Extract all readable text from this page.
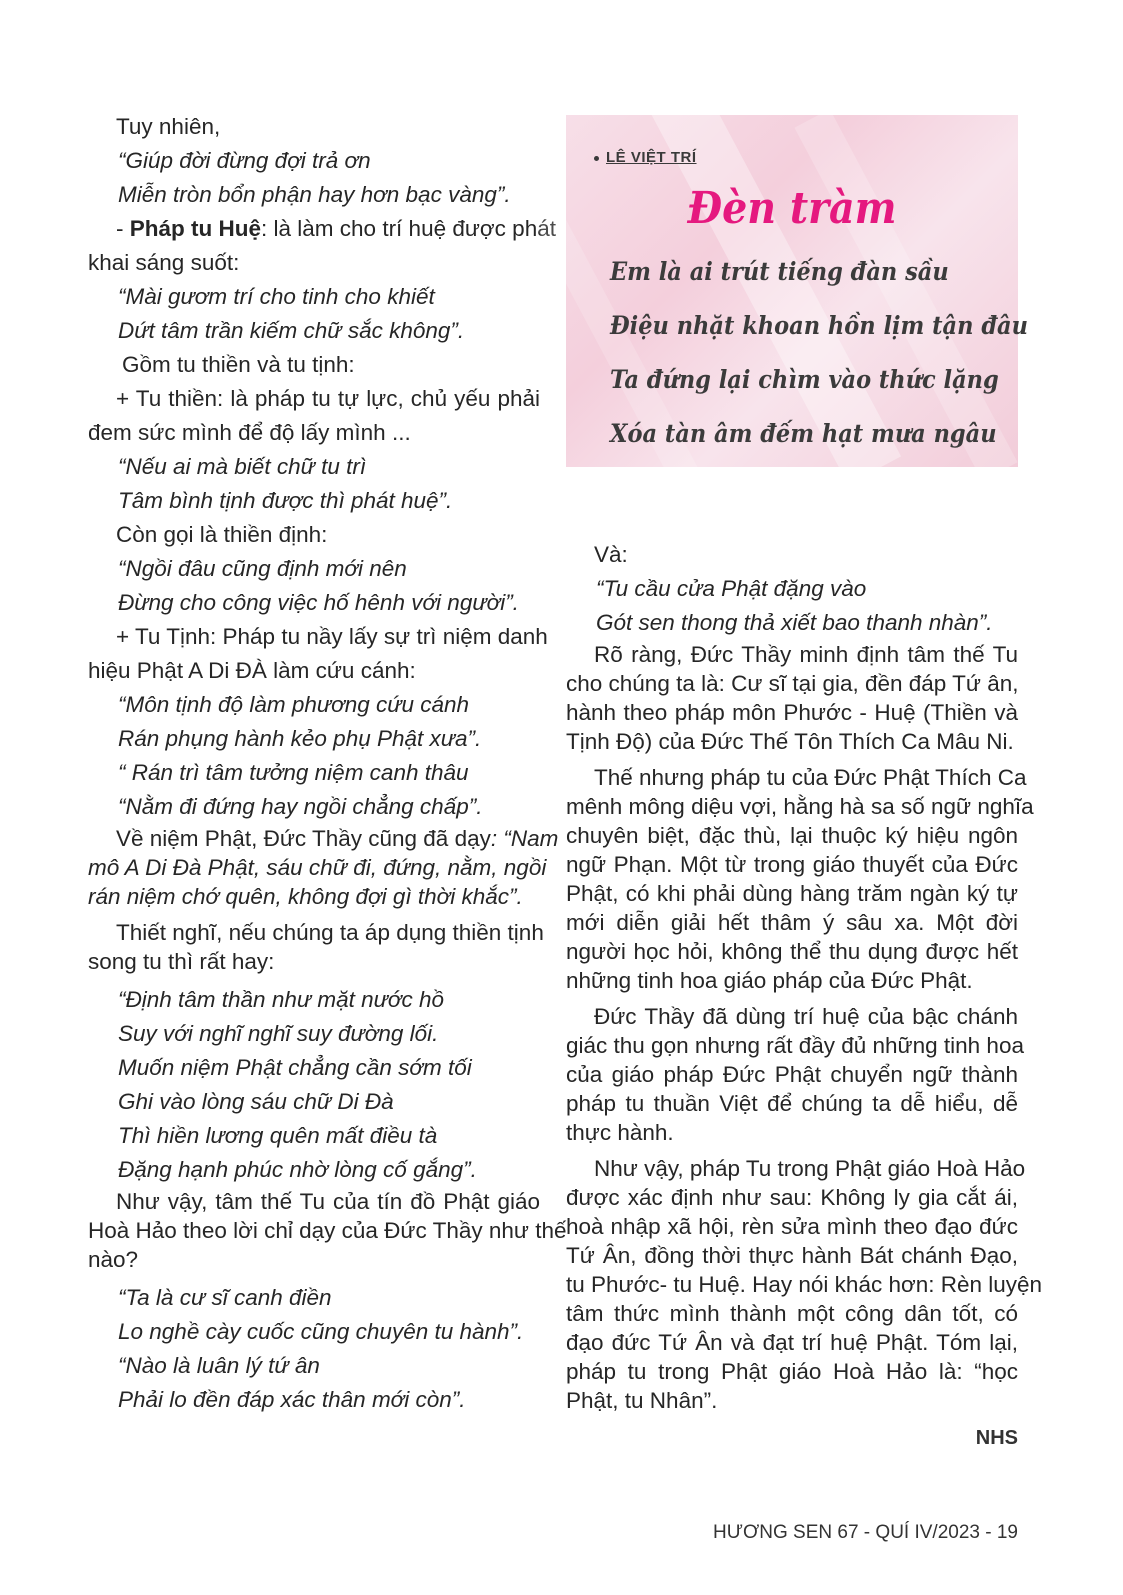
Tuy nhiên,
“Giúp đời đừng đợi trả ơn
Miễn tròn bổn phận hay hơn bạc vàng”.
- Pháp tu Huệ: là làm cho trí huệ được phát
khai sáng suốt:
“Mài gươm trí cho tinh cho khiết
Dứt tâm trần kiếm chữ sắc không”.
Gồm tu thiền và tu tịnh:
+ Tu thiền: là pháp tu tự lực, chủ yếu phải
đem sức mình để độ lấy mình ...
“Nếu ai mà biết chữ tu trì
Tâm bình tịnh được thì phát huệ”.
Còn gọi là thiền định:
“Ngồi đâu cũng định mới nên
Đừng cho công việc hố hênh với người”.
+ Tu Tịnh: Pháp tu nầy lấy sự trì niệm danh
hiệu Phật A Di ĐÀ làm cứu cánh:
“Môn tịnh độ làm phương cứu cánh
Rán phụng hành kẻo phụ Phật xưa”.
“ Rán trì tâm tưởng niệm canh thâu
“Nằm đi đứng hay ngồi chẳng chấp”.
Về niệm Phật, Đức Thầy cũng đã dạy: “Nam
mô A Di Đà Phật, sáu chữ đi, đứng, nằm, ngồi
rán niệm chớ quên, không đợi gì thời khắc”.
Thiết nghĩ, nếu chúng ta áp dụng thiền tịnh
song tu thì rất hay:
“Định tâm thần như mặt nước hồ
Suy với nghĩ nghĩ suy đường lối.
Muốn niệm Phật chẳng cần sớm tối
Ghi vào lòng sáu chữ Di Đà
Thì hiền lương quên mất điều tà
Đặng hạnh phúc nhờ lòng cố gắng”.
Như vậy, tâm thế Tu của tín đồ Phật giáo
Hoà Hảo theo lời chỉ dạy của Đức Thầy như thế
nào?
“Ta là cư sĩ canh điền
Lo nghề cày cuốc cũng chuyên tu hành”.
“Nào là luân lý tứ ân
Phải lo đền đáp xác thân mới còn”.
LÊ VIỆT TRÍ
Đèn tràm
Em là ai trút tiếng đàn sầu
Điệu nhặt khoan hồn lịm tận đâu
Ta đứng lại chìm vào thức lặng
Xóa tàn âm đếm hạt mưa ngâu
Và:
“Tu cầu cửa Phật đặng vào
Gót sen thong thả xiết bao thanh nhàn”.
Rõ ràng, Đức Thầy minh định tâm thế Tu
cho chúng ta là: Cư sĩ tại gia, đền đáp Tứ ân,
hành theo pháp môn Phước - Huệ (Thiền và
Tịnh Độ) của Đức Thế Tôn Thích Ca Mâu Ni.
Thế nhưng pháp tu của Đức Phật Thích Ca
mênh mông diệu vợi, hằng hà sa số ngữ nghĩa
chuyên biệt, đặc thù, lại thuộc ký hiệu ngôn
ngữ Phạn. Một từ trong giáo thuyết của Đức
Phật, có khi phải dùng hàng trăm ngàn ký tự
mới diễn giải hết thâm ý sâu xa. Một đời
người học hỏi, không thể thu dụng được hết
những tinh hoa giáo pháp của Đức Phật.
Đức Thầy đã dùng trí huệ của bậc chánh
giác thu gọn nhưng rất đầy đủ những tinh hoa
của giáo pháp Đức Phật chuyển ngữ thành
pháp tu thuần Việt để chúng ta dễ hiểu, dễ
thực hành.
Như vậy, pháp Tu trong Phật giáo Hoà Hảo
được xác định như sau: Không ly gia cắt ái,
hoà nhập xã hội, rèn sửa mình theo đạo đức
Tứ Ân, đồng thời thực hành Bát chánh Đạo,
tu Phước- tu Huệ. Hay nói khác hơn: Rèn luyện
tâm thức mình thành một công dân tốt, có
đạo đức Tứ Ân và đạt trí huệ Phật. Tóm lại,
pháp tu trong Phật giáo Hoà Hảo là: “học
Phật, tu Nhân”.
NHS
HƯƠNG SEN 67 - QUÍ IV/2023 - 19
